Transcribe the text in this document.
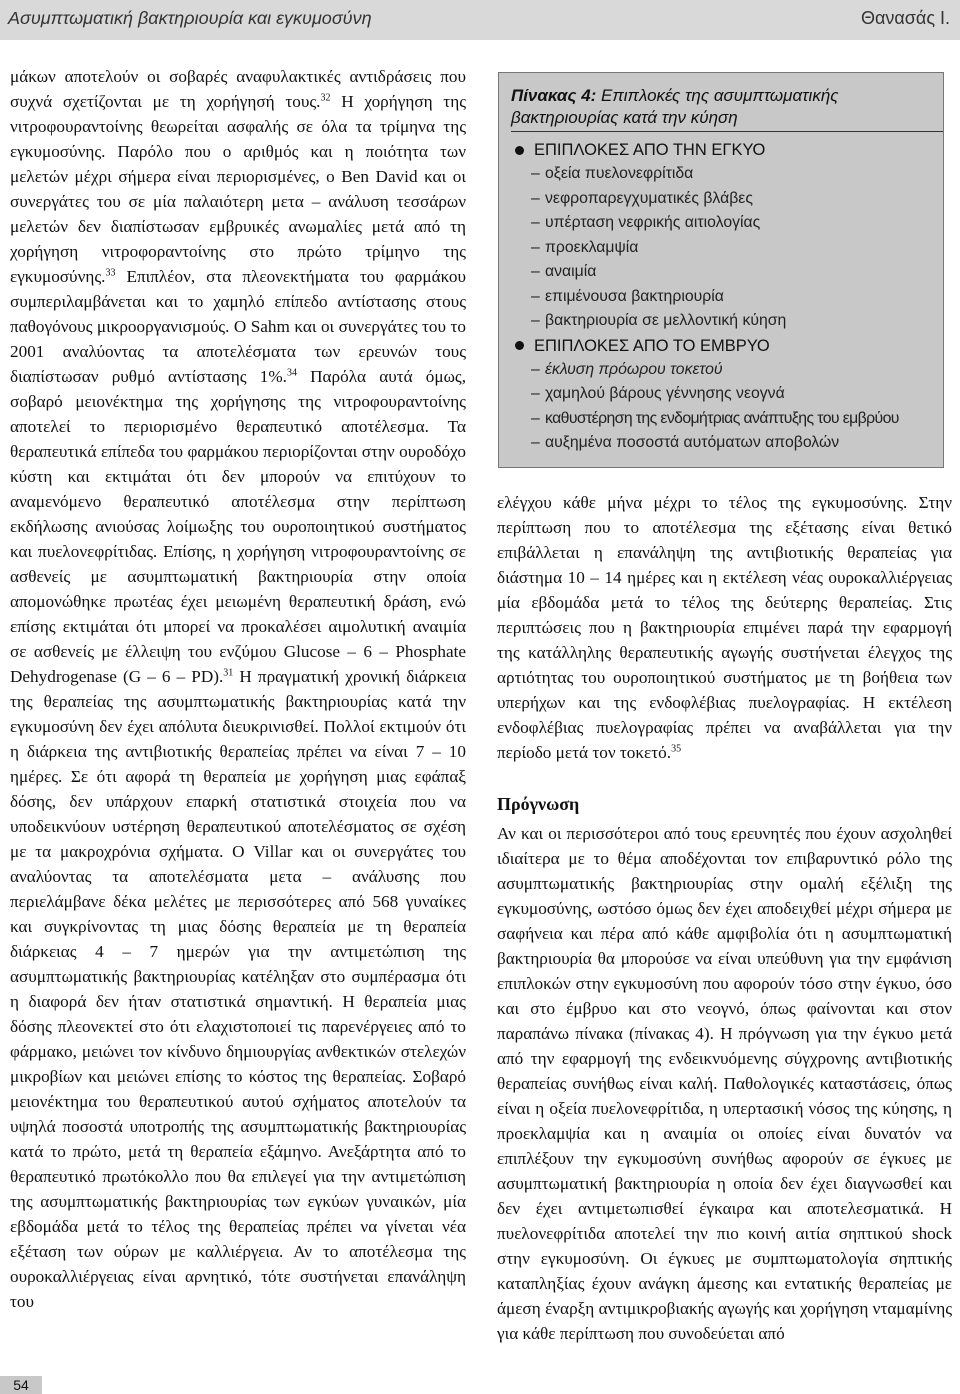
Ασυμπτωματική βακτηριουρία και εγκυμοσύνη	Θανασάς Ι.

μάκων αποτελούν οι σοβαρές αναφυλακτικές αντιδράσεις που συχνά σχετίζονται με τη χορήγησή τους.$^{32}$ Η χορήγηση της νιτροφουραντοίνης θεωρείται ασφαλής σε όλα τα τρίμηνα της εγκυμοσύνης. Παρόλο που ο αριθμός και η ποιότητα των μελετών μέχρι σήμερα είναι περιορισμένες, ο Ben David και οι συνεργάτες του σε μία παλαιότερη μετα – ανάλυση τεσσάρων μελετών δεν διαπίστωσαν εμβρυικές ανωμαλίες μετά από τη χορήγηση νιτροφοραντοίνης στο πρώτο τρίμηνο της εγκυμοσύνης.$^{33}$ Επιπλέον, στα πλεονεκτήματα του φαρμάκου συμπεριλαμβάνεται και το χαμηλό επίπεδο αντίστασης στους παθογόνους μικροοργανισμούς. Ο Sahm και οι συνεργάτες του το 2001 αναλύοντας τα αποτελέσματα των ερευνών τους διαπίστωσαν ρυθμό αντίστασης 1%.$^{34}$ Παρόλα αυτά όμως, σοβαρό μειονέκτημα της χορήγησης της νιτροφουραντοίνης αποτελεί το περιορισμένο θεραπευτικό αποτέλεσμα. Τα θεραπευτικά επίπεδα του φαρμάκου περιορίζονται στην ουροδόχο κύστη και εκτιμάται ότι δεν μπορούν να επιτύχουν το αναμενόμενο θεραπευτικό αποτέλεσμα στην περίπτωση εκδήλωσης ανιούσας λοίμωξης του ουροποιητικού συστήματος και πυελονεφρίτιδας. Επίσης, η χορήγηση νιτροφουραντοίνης σε ασθενείς με ασυμπτωματική βακτηριουρία στην οποία απομονώθηκε πρωτέας έχει μειωμένη θεραπευτική δράση, ενώ επίσης εκτιμάται ότι μπορεί να προκαλέσει αιμολυτική αναιμία σε ασθενείς με έλλειψη του ενζύμου Glucose – 6 – Phosphate Dehydrogenase (G – 6 – PD).$^{31}$ Η πραγματική χρονική διάρκεια της θεραπείας της ασυμπτωματικής βακτηριουρίας κατά την εγκυμοσύνη δεν έχει απόλυτα διευκρινισθεί. Πολλοί εκτιμούν ότι η διάρκεια της αντιβιοτικής θεραπείας πρέπει να είναι 7 – 10 ημέρες. Σε ότι αφορά τη θεραπεία με χορήγηση μιας εφάπαξ δόσης, δεν υπάρχουν επαρκή στατιστικά στοιχεία που να υποδεικνύουν υστέρηση θεραπευτικού αποτελέσματος σε σχέση με τα μακροχρόνια σχήματα. Ο Villar και οι συνεργάτες του αναλύοντας τα αποτελέσματα μετα – ανάλυσης που περιελάμβανε δέκα μελέτες με περισσότερες από 568 γυναίκες και συγκρίνοντας τη μιας δόσης θεραπεία με τη θεραπεία διάρκειας 4 – 7 ημερών για την αντιμετώπιση της ασυμπτωματικής βακτηριουρίας κατέληξαν στο συμπέρασμα ότι η διαφορά δεν ήταν στατιστικά σημαντική. Η θεραπεία μιας δόσης πλεονεκτεί στο ότι ελαχιστοποιεί τις παρενέργειες από το φάρμακο, μειώνει τον κίνδυνο δημιουργίας ανθεκτικών στελεχών μικροβίων και μειώνει επίσης το κόστος της θεραπείας. Σοβαρό μειονέκτημα του θεραπευτικού αυτού σχήματος αποτελούν τα υψηλά ποσοστά υποτροπής της ασυμπτωματικής βακτηριουρίας κατά το πρώτο, μετά τη θεραπεία εξάμηνο. Ανεξάρτητα από το θεραπευτικό πρωτόκολλο που θα επιλεγεί για την αντιμετώπιση της ασυμπτωματικής βακτηριουρίας των εγκύων γυναικών, μία εβδομάδα μετά το τέλος της θεραπείας πρέπει να γίνεται νέα εξέταση των ούρων με καλλιέργεια. Αν το αποτέλεσμα της ουροκαλλιέργειας είναι αρνητικό, τότε συστήνεται επανάληψη του

Πίνακας 4: Επιπλοκές της ασυμπτωματικής βακτηριουρίας κατά την κύηση
ΕΠΙΠΛΟΚΕΣ ΑΠΟ ΤΗΝ ΕΓΚΥΟ
– οξεία πυελονεφρίτιδα
– νεφροπαρεγχυματικές βλάβες
– υπέρταση νεφρικής αιτιολογίας
– προεκλαμψία
– αναιμία
– επιμένουσα βακτηριουρία
– βακτηριουρία σε μελλοντική κύηση
ΕΠΙΠΛΟΚΕΣ ΑΠΟ ΤΟ ΕΜΒΡΥΟ
– έκλυση πρόωρου τοκετού
– χαμηλού βάρους γέννησης νεογνά
– καθυστέρηση της ενδομήτριας ανάπτυξης του εμβρύου
– αυξημένα ποσοστά αυτόματων αποβολών

ελέγχου κάθε μήνα μέχρι το τέλος της εγκυμοσύνης. Στην περίπτωση που το αποτέλεσμα της εξέτασης είναι θετικό επιβάλλεται η επανάληψη της αντιβιοτικής θεραπείας για διάστημα 10 – 14 ημέρες και η εκτέλεση νέας ουροκαλλιέργειας μία εβδομάδα μετά το τέλος της δεύτερης θεραπείας. Στις περιπτώσεις που η βακτηριουρία επιμένει παρά την εφαρμογή της κατάλληλης θεραπευτικής αγωγής συστήνεται έλεγχος της αρτιότητας του ουροποιητικού συστήματος με τη βοήθεια των υπερήχων και της ενδοφλέβιας πυελογραφίας. Η εκτέλεση ενδοφλέβιας πυελογραφίας πρέπει να αναβάλλεται για την περίοδο μετά τον τοκετό.$^{35}$

Πρόγνωση

Αν και οι περισσότεροι από τους ερευνητές που έχουν ασχοληθεί ιδιαίτερα με το θέμα αποδέχονται τον επιβαρυντικό ρόλο της ασυμπτωματικής βακτηριουρίας στην ομαλή εξέλιξη της εγκυμοσύνης, ωστόσο όμως δεν έχει αποδειχθεί μέχρι σήμερα με σαφήνεια και πέρα από κάθε αμφιβολία ότι η ασυμπτωματική βακτηριουρία θα μπορούσε να είναι υπεύθυνη για την εμφάνιση επιπλοκών στην εγκυμοσύνη που αφορούν τόσο στην έγκυο, όσο και στο έμβρυο και στο νεογνό, όπως φαίνονται και στον παραπάνω πίνακα (πίνακας 4). Η πρόγνωση για την έγκυο μετά από την εφαρμογή της ενδεικνυόμενης σύγχρονης αντιβιοτικής θεραπείας συνήθως είναι καλή. Παθολογικές καταστάσεις, όπως είναι η οξεία πυελονεφρίτιδα, η υπερτασική νόσος της κύησης, η προεκλαμψία και η αναιμία οι οποίες είναι δυνατόν να επιπλέξουν την εγκυμοσύνη συνήθως αφορούν σε έγκυες με ασυμπτωματική βακτηριουρία η οποία δεν έχει διαγνωσθεί και δεν έχει αντιμετωπισθεί έγκαιρα και αποτελεσματικά. Η πυελονεφρίτιδα αποτελεί την πιο κοινή αιτία σηπτικού shock στην εγκυμοσύνη. Οι έγκυες με συμπτωματολογία σηπτικής καταπληξίας έχουν ανάγκη άμεσης και εντατικής θεραπείας με άμεση έναρξη αντιμικροβιακής αγωγής και χορήγηση νταμαμίνης για κάθε περίπτωση που συνοδεύεται από

54
